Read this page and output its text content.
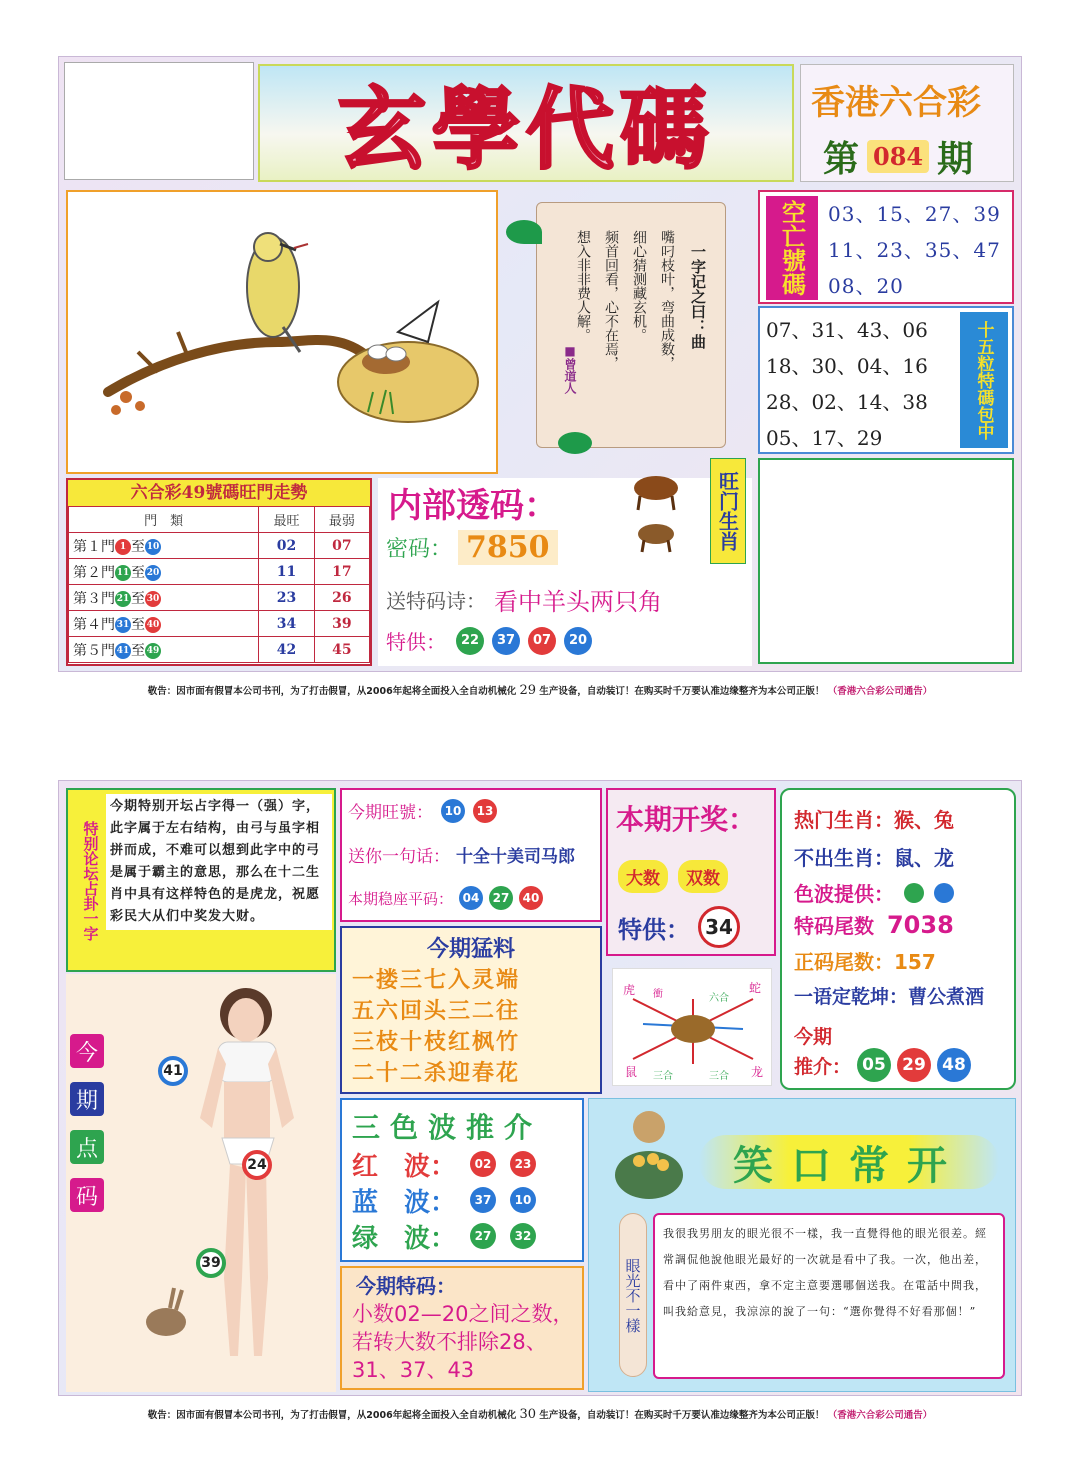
玄學代碼	香港六合彩
第 084 期
一字记之曰：曲
嘴叼枝叶，弯曲成数，
细心猜测藏玄机。
频首回看，心不在焉，
想入非非费人解。
■曾道人
空亡號碼	03、15、27、39
11、23、35、47
08、20
07、31、43、06
18、30、04、16
28、02、14、38
05、17、29	十五粒特碼包中
六合彩49號碼旺門走勢
門　類	最旺	最弱
第１門 1 至 10	02	07
第２門 11 至 20	11	17
第３門 21 至 30	23	26
第４門 31 至 40	34	39
第５門 41 至 49	42	45
内部透码：
密码： 7850
送特码诗： 看中羊头两只角
特供：	22	37	07	20
旺门生肖
敬告：因市面有假冒本公司书刊，为了打击假冒，从2006年起将全面投入全自动机械化 29 生产设备，自动装订！在购买时千万要认准边缘整齐为本公司正版！ （香港六合彩公司通告）
特别论坛占卦一字
今期特别开坛占字得一（强）字，此字属于左右结构，由弓与虽字相拼而成，不难可以想到此字中的弓是属于霸主的意思，那么在十二生肖中具有这样特色的是虎龙，祝愿彩民大从们中奖发大财。
今期旺號： 10	13
送你一句话： 十全十美司马郎
本期稳座平码： 04	27	40
本期开奖：
大数	双数
特供： 34
热门生肖：猴、兔
不出生肖：鼠、龙
色波提供：
特码尾数 7038
正码尾数：157
一语定乾坤：曹公煮酒
今期
推介： 05 29 48
今
期
点
码
41
24
39
今期猛料
一搂三七入灵端
五六回头三二往
三枝十枝红枫竹
二十二杀迎春花
虎 衝	六合
蛇
鼠 三合	三合 龙
三色波推介
红　波：	02	23
蓝　波：	37	10
绿　波：	27	32
今期特码：
小数02—20之间之数，若转大数不排除28、31、37、43
笑口常开
眼光不一樣
我很我男朋友的眼光很不一樣，我一直覺得他的眼光很差。經常調侃他說他眼光最好的一次就是看中了我。一次，他出差，看中了兩件東西，拿不定主意要選哪個送我。在電話中問我，叫我給意見，我涼涼的說了一句：“選你覺得不好看那個！”
敬告：因市面有假冒本公司书刊，为了打击假冒，从2006年起将全面投入全自动机械化 30 生产设备，自动装订！在购买时千万要认准边缘整齐为本公司正版！ （香港六合彩公司通告）
